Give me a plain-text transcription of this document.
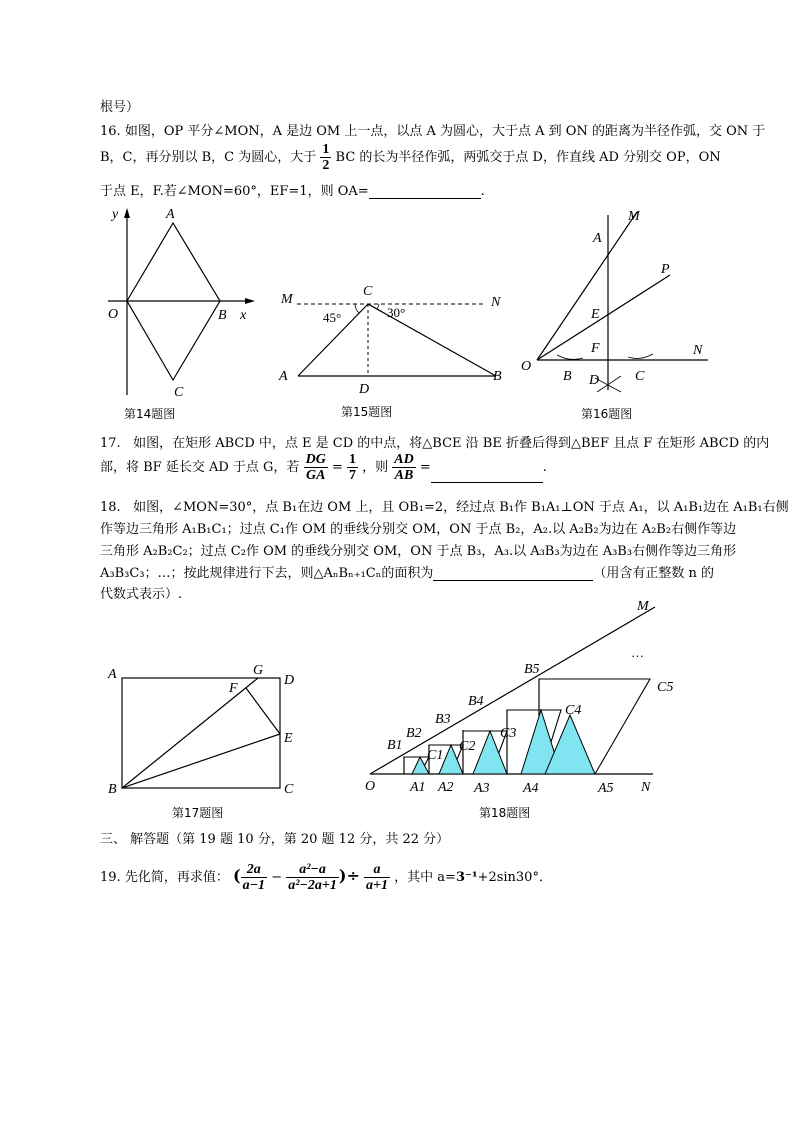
根号）
16. 如图，OP 平分∠MON，A 是边 OM 上一点，以点 A 为圆心，大于点 A 到 ON 的距离为半径作弧，交 ON 于
B，C，再分别以 B，C 为圆心，大于 $\frac{1}{2}$ BC 的长为半径作弧，两弧交于点 D，作直线 AD 分别交 OP，ON
于点 E，F.若∠MON=60°，EF=1，则 OA=	.
y	A
O	B x
C
第14题图
M
C
N
45°	30°
A
D
B
第15题图
M
A
P
E
F	N
O
B D	C
第16题图
17. 如图，在矩形 ABCD 中，点 E 是 CD 的中点，将△BCE 沿 BE 折叠后得到△BEF 且点 F 在矩形 ABCD 的内
部，将 BF 延长交 AD 于点 G，若 $\frac{DG}{GA} = \frac{1}{7}$ ，则 $\frac{AD}{AB}$ =	.
18. 如图，∠MON=30°，点 B₁在边 OM 上，且 OB₁=2，经过点 B₁作 B₁A₁⊥ON 于点 A₁，以 A₁B₁边在 A₁B₁右侧
作等边三角形 A₁B₁C₁；过点 C₁作 OM 的垂线分别交 OM，ON 于点 B₂，A₂.以 A₂B₂为边在 A₂B₂右侧作等边
三角形 A₂B₂C₂；过点 C₂作 OM 的垂线分别交 OM，ON 于点 B₃，A₃.以 A₃B₃为边在 A₃B₃右侧作等边三角形
A₃B₃C₃；…；按此规律进行下去，则△AₙBₙ₊₁Cₙ的面积为	（用含有正整数 n 的
代数式表示）.
A	G
D
F
E
B	C
第17题图
M
…
B5
C5
B4
C4
B3
C3
B2
C2
B1
C1
O A1 A2 A3 A4	A5 N
第18题图
三、 解答题（第 19 题 10 分，第 20 题 12 分，共 22 分）
19. 先化简，再求值： ( $\frac{2a}{a-1} - \frac{\text{a²−a}}{\text{a²−2a+1}}$ )÷ $\frac{a}{a+1}$ ，其中 a=3⁻¹+2sin30°．
